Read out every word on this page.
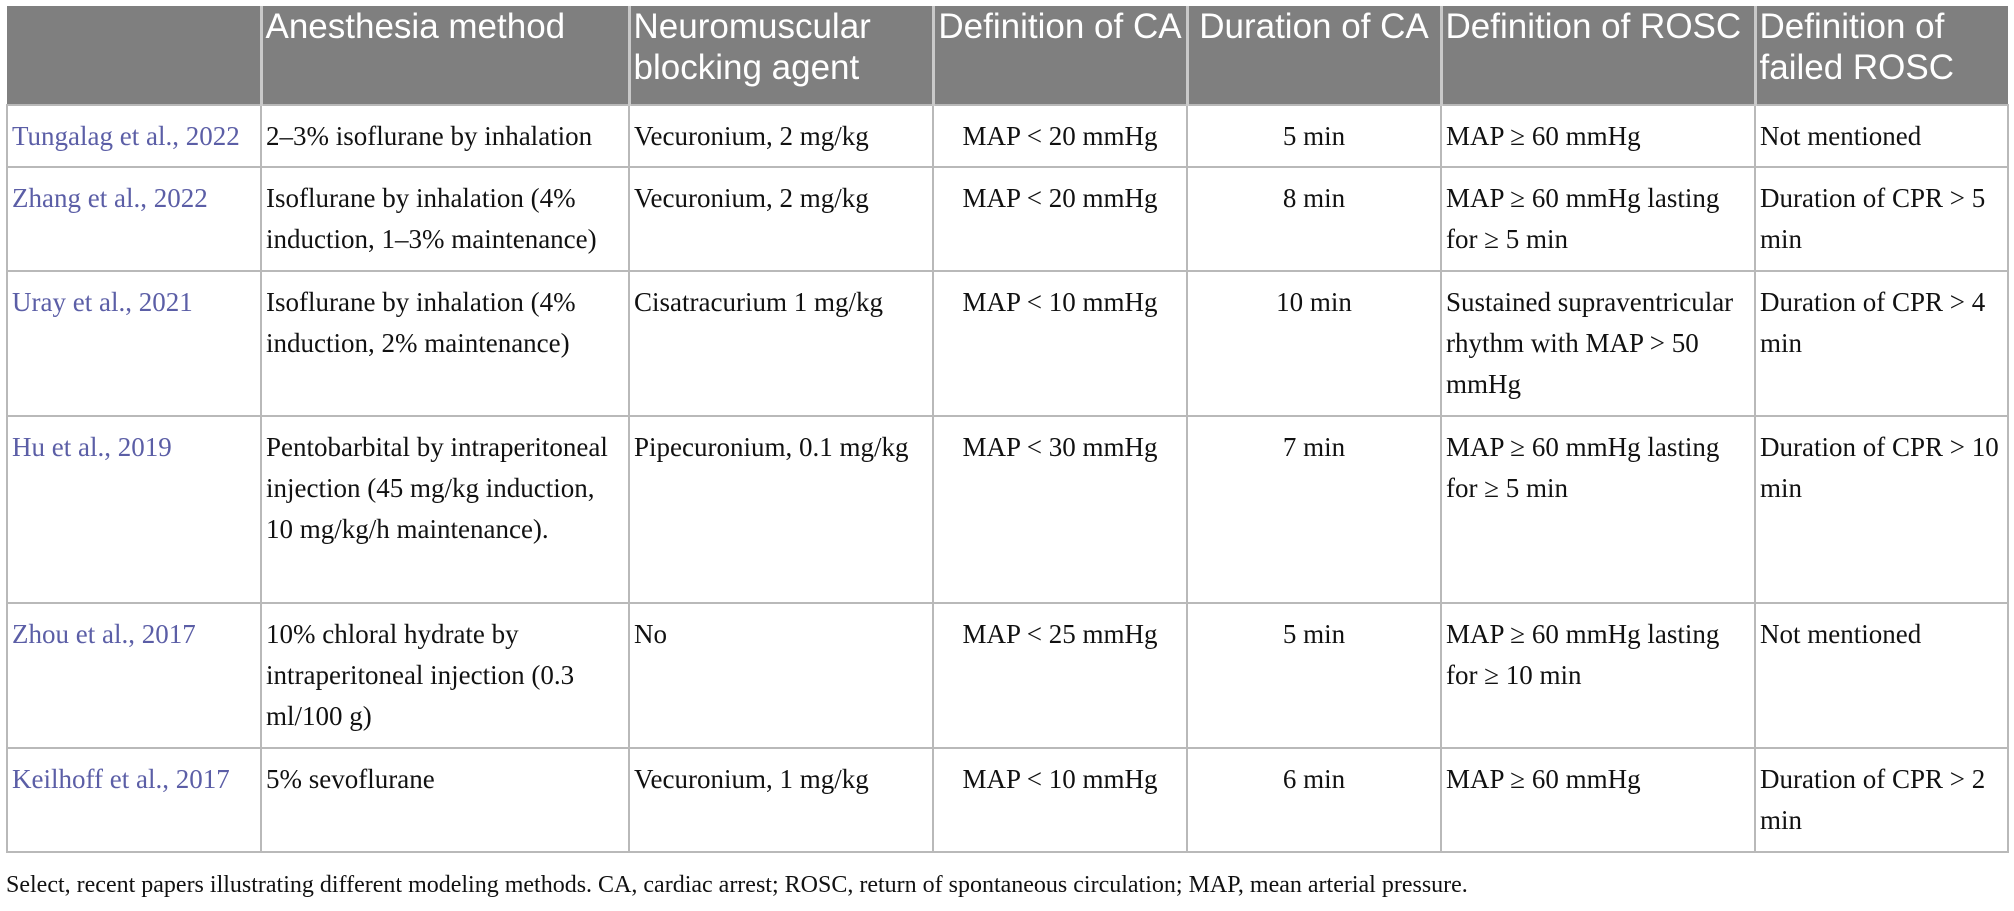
	Anesthesia method	Neuromuscular blocking agent	Definition of CA	Duration of CA	Definition of ROSC	Definition of failed ROSC
Tungalag et al., 2022	2–3% isoflurane by inhalation	Vecuronium, 2 mg/kg	MAP < 20 mmHg	5 min	MAP ≥ 60 mmHg	Not mentioned
Zhang et al., 2022	Isoflurane by inhalation (4% induction, 1–3% maintenance)	Vecuronium, 2 mg/kg	MAP < 20 mmHg	8 min	MAP ≥ 60 mmHg lasting for ≥ 5 min	Duration of CPR > 5 min
Uray et al., 2021	Isoflurane by inhalation (4% induction, 2% maintenance)	Cisatracurium 1 mg/kg	MAP < 10 mmHg	10 min	Sustained supraventricular rhythm with MAP > 50 mmHg	Duration of CPR > 4 min
Hu et al., 2019	Pentobarbital by intraperitoneal injection (45 mg/kg induction, 10 mg/kg/h maintenance).	Pipecuronium, 0.1 mg/kg	MAP < 30 mmHg	7 min	MAP ≥ 60 mmHg lasting for ≥ 5 min	Duration of CPR > 10 min
Zhou et al., 2017	10% chloral hydrate by intraperitoneal injection (0.3 ml/100 g)	No	MAP < 25 mmHg	5 min	MAP ≥ 60 mmHg lasting for ≥ 10 min	Not mentioned
Keilhoff et al., 2017	5% sevoflurane	Vecuronium, 1 mg/kg	MAP < 10 mmHg	6 min	MAP ≥ 60 mmHg	Duration of CPR > 2 min
Select, recent papers illustrating different modeling methods. CA, cardiac arrest; ROSC, return of spontaneous circulation; MAP, mean arterial pressure.
